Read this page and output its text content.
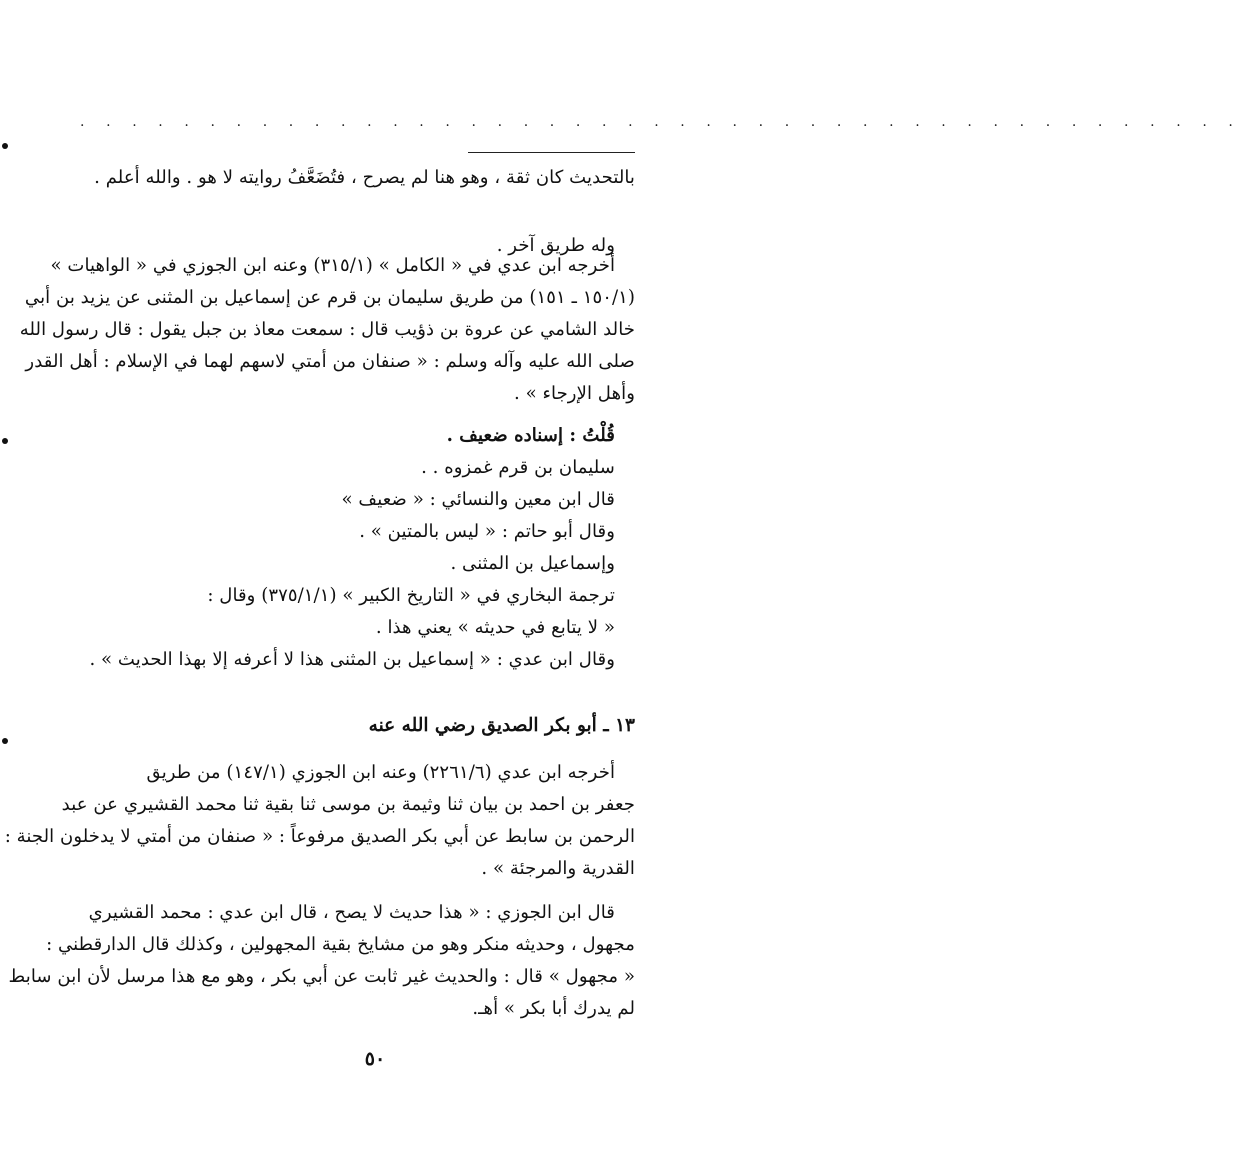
. . . . . . . . . . . . . . . . . . . . . . . . . . . . . . . . . . . . . . . . . . . . .

بالتحديث كان ثقة ، وهو هنا لم يصرح ، فتُضَعَّفُ روايته لا هو . والله أعلم .

وله طريق آخر .

أخرجه ابن عدي في « الكامل » (٣١٥/١) وعنه ابن الجوزي في « الواهيات »
(١٥٠/١ ـ ١٥١) من طريق سليمان بن قرم عن إسماعيل بن المثنى عن يزيد بن أبي
خالد الشامي عن عروة بن ذؤيب قال : سمعت معاذ بن جبل يقول : قال رسول الله
صلى الله عليه وآله وسلم : « صنفان من أمتي لاسهم لهما في الإسلام : أهل القدر
وأهل الإرجاء » .
قُلْتُ : إسناده ضعيف .
سليمان بن قرم غمزوه . .
قال ابن معين والنسائي : « ضعيف »
وقال أبو حاتم : « ليس بالمتين » .
وإسماعيل بن المثنى .
ترجمة البخاري في « التاريخ الكبير » (٣٧٥/١/١) وقال :
« لا يتابع في حديثه » يعني هذا .
وقال ابن عدي : « إسماعيل بن المثنى هذا لا أعرفه إلا بهذا الحديث » .

١٣ ـ أبو بكر الصديق رضي الله عنه

أخرجه ابن عدي (٢٢٦١/٦) وعنه ابن الجوزي (١٤٧/١) من طريق
جعفر بن احمد بن بيان ثنا وثيمة بن موسى ثنا بقية ثنا محمد القشيري عن عبد
الرحمن بن سابط عن أبي بكر الصديق مرفوعاً : « صنفان من أمتي لا يدخلون الجنة :
القدرية والمرجئة » .
قال ابن الجوزي : « هذا حديث لا يصح ، قال ابن عدي : محمد القشيري
مجهول ، وحديثه منكر وهو من مشايخ بقية المجهولين ، وكذلك قال الدارقطني :
« مجهول » قال : والحديث غير ثابت عن أبي بكر ، وهو مع هذا مرسل لأن ابن سابط
لم يدرك أبا بكر » أهـ.
٥٠
